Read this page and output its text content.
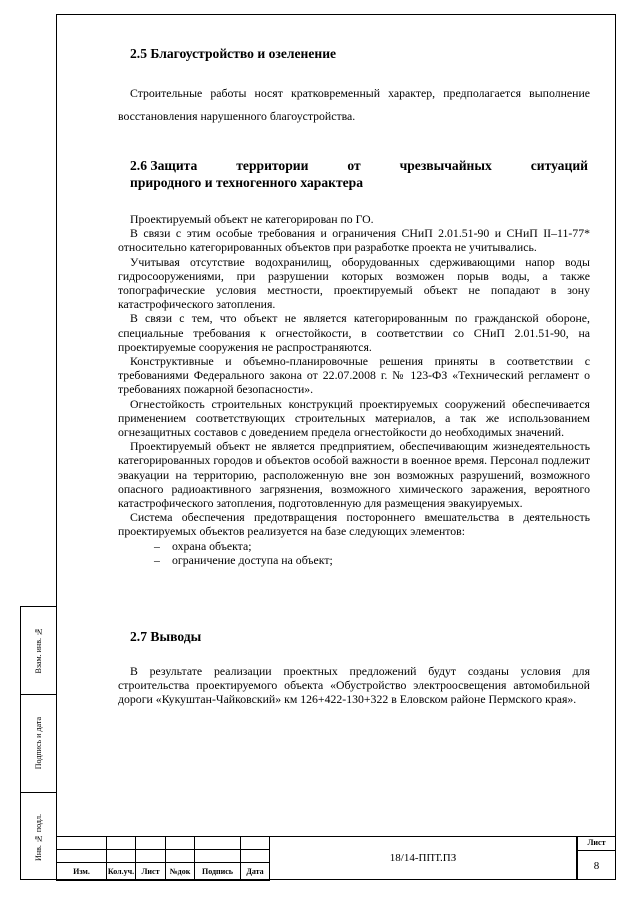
Взам. инв. №
Подпись и дата
Инв. № подл.
2.5 Благоустройство и озеленение

Строительные работы носят кратковременный характер, предполагается выполнение восстановления нарушенного благоустройства.

2.6 Защита	территории	от	чрезвычайных	ситуаций
природного и техногенного характера

Проектируемый объект не категорирован по ГО.

В связи с этим особые требования и ограничения СНиП 2.01.51-90 и СНиП II–11-77* относительно категорированных объектов при разработке проекта не учитывались.

Учитывая отсутствие водохранилищ, оборудованных сдерживающими напор воды гидросооружениями, при разрушении которых возможен порыв воды, а также топографические условия местности, проектируемый объект не попадают в зону катастрофического затопления.

В связи с тем, что объект не является категорированным по гражданской обороне, специальные требования к огнестойкости, в соответствии со СНиП 2.01.51-90, на проектируемые сооружения не распространяются.

Конструктивные и объемно-планировочные решения приняты в соответствии с требованиями Федерального закона от 22.07.2008 г. № 123-ФЗ «Технический регламент о требованиях пожарной безопасности».

Огнестойкость строительных конструкций проектируемых сооружений обеспечивается применением соответствующих строительных материалов, а так же использованием огнезащитных составов с доведением предела огнестойкости до необходимых значений.

Проектируемый объект не является предприятием, обеспечивающим жизнедеятельность категорированных городов и объектов особой важности в военное время. Персонал подлежит эвакуации на территорию, расположенную вне зон возможных разрушений, возможного опасного радиоактивного загрязнения, возможного химического заражения, вероятного катастрофического затопления, подготовленную для размещения эвакуируемых.

Система обеспечения предотвращения постороннего вмешательства в деятельность проектируемых объектов реализуется на базе следующих элементов:

– охрана объекта;
– ограничение доступа на объект;
2.7 Выводы

В результате реализации проектных предложений будут созданы условия для строительства проектируемого объекта «Обустройство электроосвещения автомобильной дороги «Кукуштан-Чайковский» км 126+422-130+322 в Еловском районе Пермского края».

Изм.	Кол.уч.	Лист	№док	Подпись	Дата
18/14-ППТ.ПЗ
Лист
8
